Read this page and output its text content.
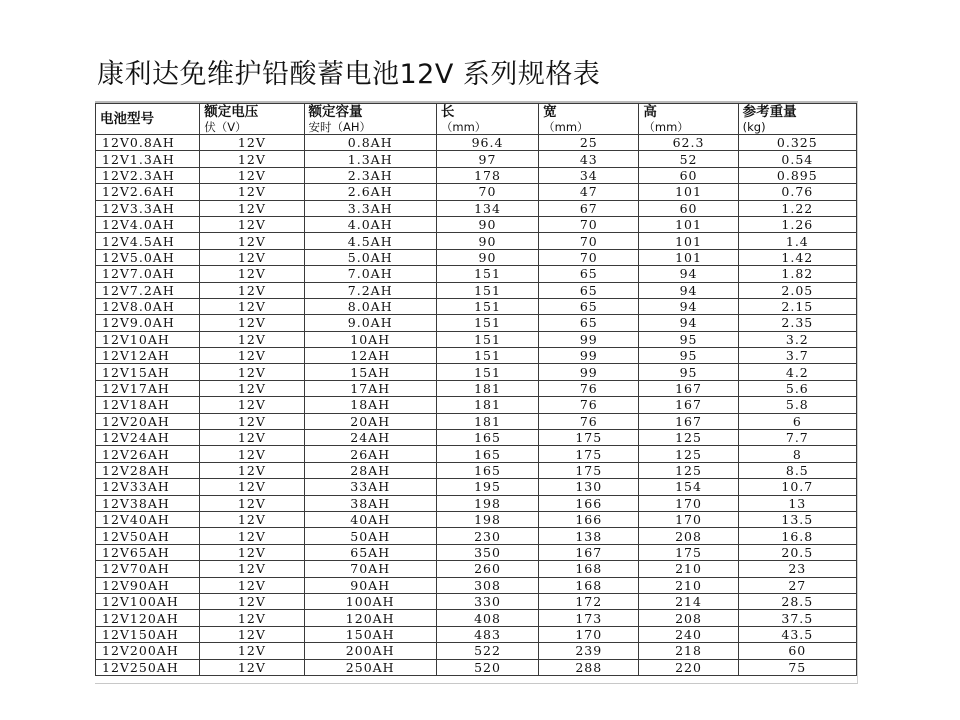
康利达免维护铅酸蓄电池12V 系列规格表
电池型号	额定电压	额定容量	长	宽	高	参考重量
	伏（V）	安时（AH）	（mm）	（mm）	（mm）	(kg)
12V0.8AH	12V	0.8AH	96.4	25	62.3	0.325
12V1.3AH	12V	1.3AH	97	43	52	0.54
12V2.3AH	12V	2.3AH	178	34	60	0.895
12V2.6AH	12V	2.6AH	70	47	101	0.76
12V3.3AH	12V	3.3AH	134	67	60	1.22
12V4.0AH	12V	4.0AH	90	70	101	1.26
12V4.5AH	12V	4.5AH	90	70	101	1.4
12V5.0AH	12V	5.0AH	90	70	101	1.42
12V7.0AH	12V	7.0AH	151	65	94	1.82
12V7.2AH	12V	7.2AH	151	65	94	2.05
12V8.0AH	12V	8.0AH	151	65	94	2.15
12V9.0AH	12V	9.0AH	151	65	94	2.35
12V10AH	12V	10AH	151	99	95	3.2
12V12AH	12V	12AH	151	99	95	3.7
12V15AH	12V	15AH	151	99	95	4.2
12V17AH	12V	17AH	181	76	167	5.6
12V18AH	12V	18AH	181	76	167	5.8
12V20AH	12V	20AH	181	76	167	6
12V24AH	12V	24AH	165	175	125	7.7
12V26AH	12V	26AH	165	175	125	8
12V28AH	12V	28AH	165	175	125	8.5
12V33AH	12V	33AH	195	130	154	10.7
12V38AH	12V	38AH	198	166	170	13
12V40AH	12V	40AH	198	166	170	13.5
12V50AH	12V	50AH	230	138	208	16.8
12V65AH	12V	65AH	350	167	175	20.5
12V70AH	12V	70AH	260	168	210	23
12V90AH	12V	90AH	308	168	210	27
12V100AH	12V	100AH	330	172	214	28.5
12V120AH	12V	120AH	408	173	208	37.5
12V150AH	12V	150AH	483	170	240	43.5
12V200AH	12V	200AH	522	239	218	60
12V250AH	12V	250AH	520	288	220	75
